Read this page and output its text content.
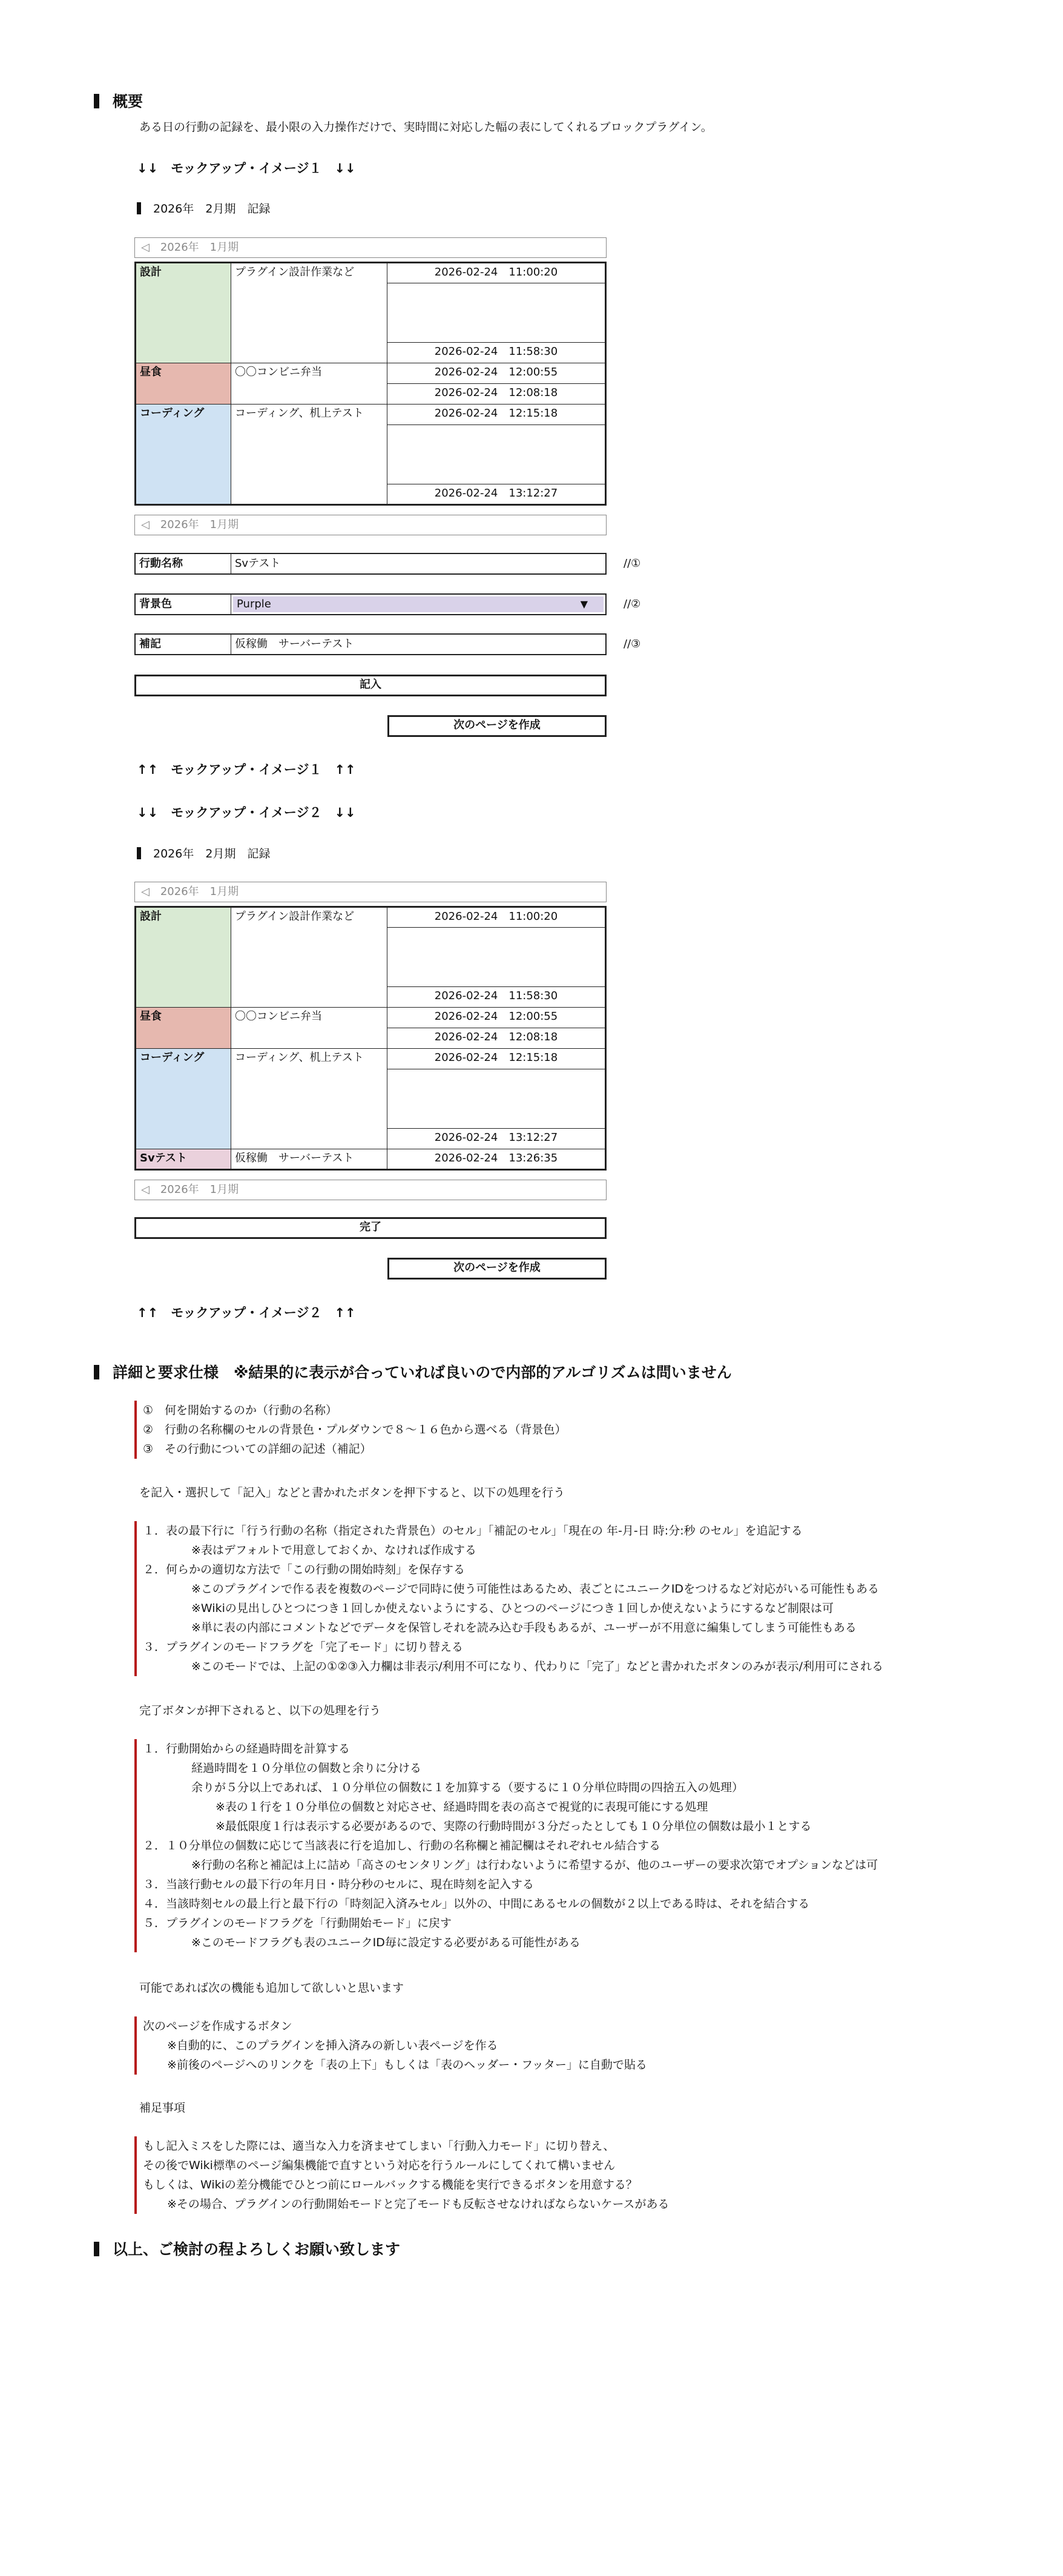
概要
ある日の行動の記録を、最小限の入力操作だけで、実時間に対応した幅の表にしてくれるブロックプラグイン。
↓↓　モックアップ・イメージ１　↓↓
2026年　2月期　記録
◁ 2026年　1月期
設計	プラグイン設計作業など	2026-02-24　11:00:20

		2026-02-24　11:58:30
昼食	〇〇コンビニ弁当	2026-02-24　12:00:55
		2026-02-24　12:08:18
コーディング	コーディング、机上テスト	2026-02-24　12:15:18

		2026-02-24　13:12:27
◁ 2026年　1月期
行動名称	Svテスト	//①
背景色	Purple	▼	//②
補記	仮稼働　サーバーテスト	//③
記入
次のページを作成
↑↑　モックアップ・イメージ１　↑↑
↓↓　モックアップ・イメージ２　↓↓
2026年　2月期　記録
◁ 2026年　1月期
設計	プラグイン設計作業など	2026-02-24　11:00:20

		2026-02-24　11:58:30
昼食	〇〇コンビニ弁当	2026-02-24　12:00:55
		2026-02-24　12:08:18
コーディング	コーディング、机上テスト	2026-02-24　12:15:18

		2026-02-24　13:12:27
Svテスト	仮稼働　サーバーテスト	2026-02-24　13:26:35
◁ 2026年　1月期
完了
次のページを作成
↑↑　モックアップ・イメージ２　↑↑
詳細と要求仕様　※結果的に表示が合っていれば良いので内部的アルゴリズムは問いません
①　何を開始するのか（行動の名称）
②　行動の名称欄のセルの背景色・プルダウンで８～１６色から選べる（背景色）
③　その行動についての詳細の記述（補記）
を記入・選択して「記入」などと書かれたボタンを押下すると、以下の処理を行う
１．表の最下行に「行う行動の名称（指定された背景色）のセル」「補記のセル」「現在の 年-月-日 時:分:秒 のセル」を追記する
※表はデフォルトで用意しておくか、なければ作成する
２．何らかの適切な方法で「この行動の開始時刻」を保存する
※このプラグインで作る表を複数のページで同時に使う可能性はあるため、表ごとにユニークIDをつけるなど対応がいる可能性もある
※Wikiの見出しひとつにつき１回しか使えないようにする、ひとつのページにつき１回しか使えないようにするなど制限は可
※単に表の内部にコメントなどでデータを保管しそれを読み込む手段もあるが、ユーザーが不用意に編集してしまう可能性もある
３．プラグインのモードフラグを「完了モード」に切り替える
※このモードでは、上記の①②③入力欄は非表示/利用不可になり、代わりに「完了」などと書かれたボタンのみが表示/利用可にされる
完了ボタンが押下されると、以下の処理を行う
１．行動開始からの経過時間を計算する
経過時間を１０分単位の個数と余りに分ける
余りが５分以上であれば、１０分単位の個数に１を加算する（要するに１０分単位時間の四捨五入の処理）
※表の１行を１０分単位の個数と対応させ、経過時間を表の高さで視覚的に表現可能にする処理
※最低限度１行は表示する必要があるので、実際の行動時間が３分だったとしても１０分単位の個数は最小１とする
２．１０分単位の個数に応じて当該表に行を追加し、行動の名称欄と補記欄はそれぞれセル結合する
※行動の名称と補記は上に詰め「高さのセンタリング」は行わないように希望するが、他のユーザーの要求次第でオプションなどは可
３．当該行動セルの最下行の年月日・時分秒のセルに、現在時刻を記入する
４．当該時刻セルの最上行と最下行の「時刻記入済みセル」以外の、中間にあるセルの個数が２以上である時は、それを結合する
５．プラグインのモードフラグを「行動開始モード」に戻す
※このモードフラグも表のユニークID毎に設定する必要がある可能性がある
可能であれば次の機能も追加して欲しいと思います
次のページを作成するボタン
※自動的に、このプラグインを挿入済みの新しい表ページを作る
※前後のページへのリンクを「表の上下」もしくは「表のヘッダー・フッター」に自動で貼る
補足事項
もし記入ミスをした際には、適当な入力を済ませてしまい「行動入力モード」に切り替え、
その後でWiki標準のページ編集機能で直すという対応を行うルールにしてくれて構いません
もしくは、Wikiの差分機能でひとつ前にロールバックする機能を実行できるボタンを用意する？
※その場合、プラグインの行動開始モードと完了モードも反転させなければならないケースがある
以上、ご検討の程よろしくお願い致します
